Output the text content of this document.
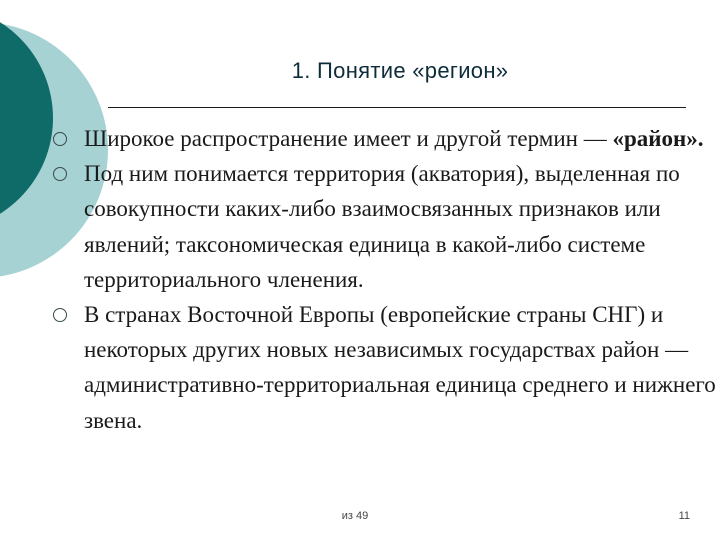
1. Понятие «регион»
Широкое распространение имеет и другой термин — «район».
Под ним понимается территория (акватория), выделенная по совокупности каких-либо взаимосвязанных признаков или явлений; таксономическая единица в какой-либо системе территориального членения.
В странах Восточной Европы (европейские страны СНГ) и некоторых других новых независимых государствах район — административно-территориальная единица среднего и нижнего звена.
из 49	11
